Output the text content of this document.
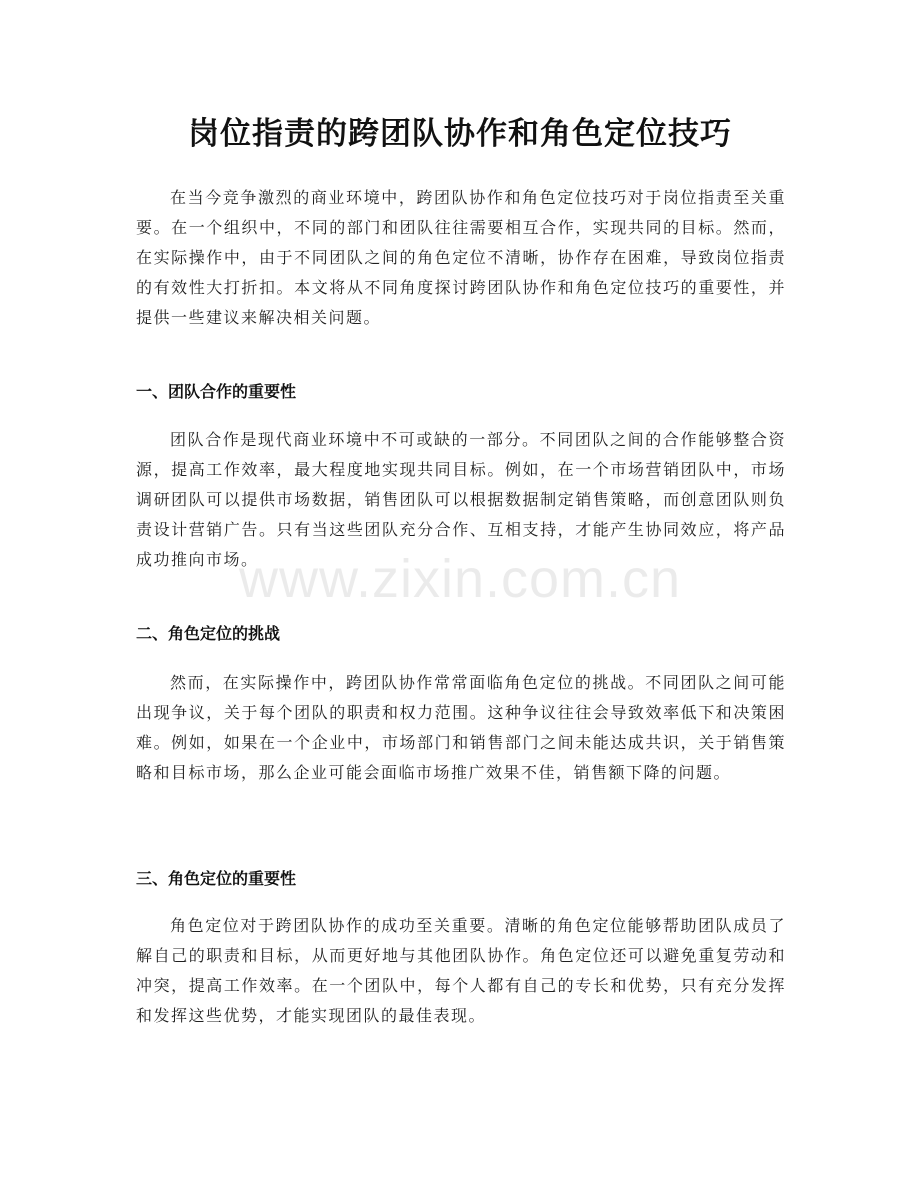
岗位指责的跨团队协作和角色定位技巧

在当今竞争激烈的商业环境中，跨团队协作和角色定位技巧对于岗位指责至关重要。在一个组织中，不同的部门和团队往往需要相互合作，实现共同的目标。然而，在实际操作中，由于不同团队之间的角色定位不清晰，协作存在困难，导致岗位指责的有效性大打折扣。本文将从不同角度探讨跨团队协作和角色定位技巧的重要性，并提供一些建议来解决相关问题。

一、团队合作的重要性

团队合作是现代商业环境中不可或缺的一部分。不同团队之间的合作能够整合资源，提高工作效率，最大程度地实现共同目标。例如，在一个市场营销团队中，市场调研团队可以提供市场数据，销售团队可以根据数据制定销售策略，而创意团队则负责设计营销广告。只有当这些团队充分合作、互相支持，才能产生协同效应，将产品成功推向市场。

二、角色定位的挑战

然而，在实际操作中，跨团队协作常常面临角色定位的挑战。不同团队之间可能出现争议，关于每个团队的职责和权力范围。这种争议往往会导致效率低下和决策困难。例如，如果在一个企业中，市场部门和销售部门之间未能达成共识，关于销售策略和目标市场，那么企业可能会面临市场推广效果不佳，销售额下降的问题。

三、角色定位的重要性

角色定位对于跨团队协作的成功至关重要。清晰的角色定位能够帮助团队成员了解自己的职责和目标，从而更好地与其他团队协作。角色定位还可以避免重复劳动和冲突，提高工作效率。在一个团队中，每个人都有自己的专长和优势，只有充分发挥和发挥这些优势，才能实现团队的最佳表现。

www.zixin.com.cn
